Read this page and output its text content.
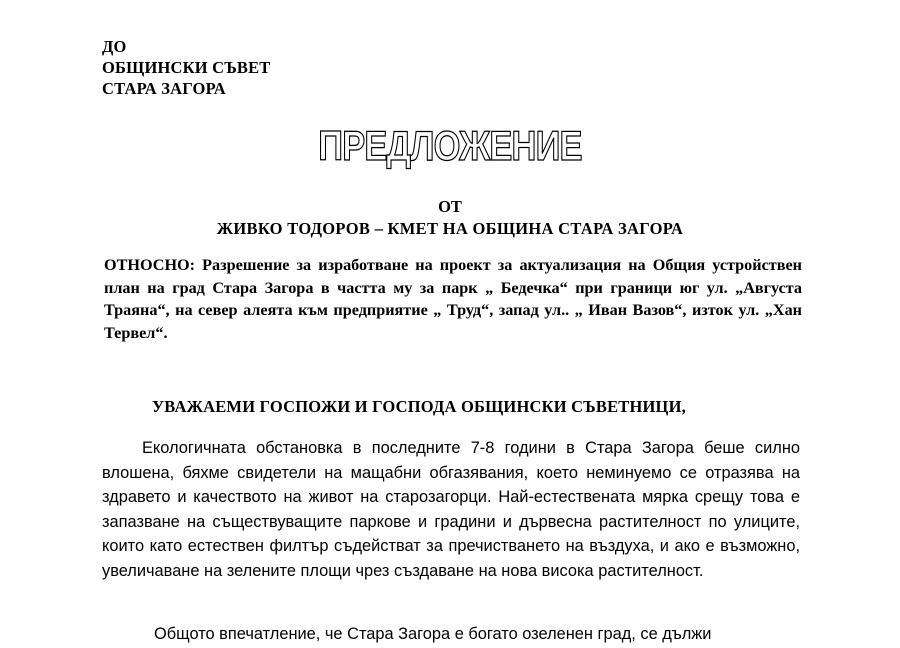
ДО
ОБЩИНСКИ СЪВЕТ
СТАРА ЗАГОРА
ПРЕДЛОЖЕНИЕ
ОТ
ЖИВКО ТОДОРОВ – КМЕТ НА ОБЩИНА СТАРА ЗАГОРА
ОТНОСНО: Разрешение за изработване на проект за актуализация на Общия устройствен план на град Стара Загора в частта му за парк „ Бедечка“ при граници юг ул. „Августа Траяна“, на север алеята към предприятие „ Труд“, запад ул.. „ Иван Вазов“, изток ул. „Хан Тервел“.
УВАЖАЕМИ ГОСПОЖИ И ГОСПОДА ОБЩИНСКИ СЪВЕТНИЦИ,
Екологичната обстановка в последните 7-8 години в Стара Загора беше силно влошена, бяхме свидетели на мащабни обгазявания, което неминуемо се отразява на здравето и качеството на живот на старозагорци. Най-естествената мярка срещу това е запазване на съществуващите паркове и градини и дървесна растителност по улиците, които като естествен филтър съдействат за пречистването на въздуха, и ако е възможно, увеличаване на зелените площи чрез създаване на нова висока растителност.
Общото впечатление, че Стара Загора е богато озеленен град, се дължи
